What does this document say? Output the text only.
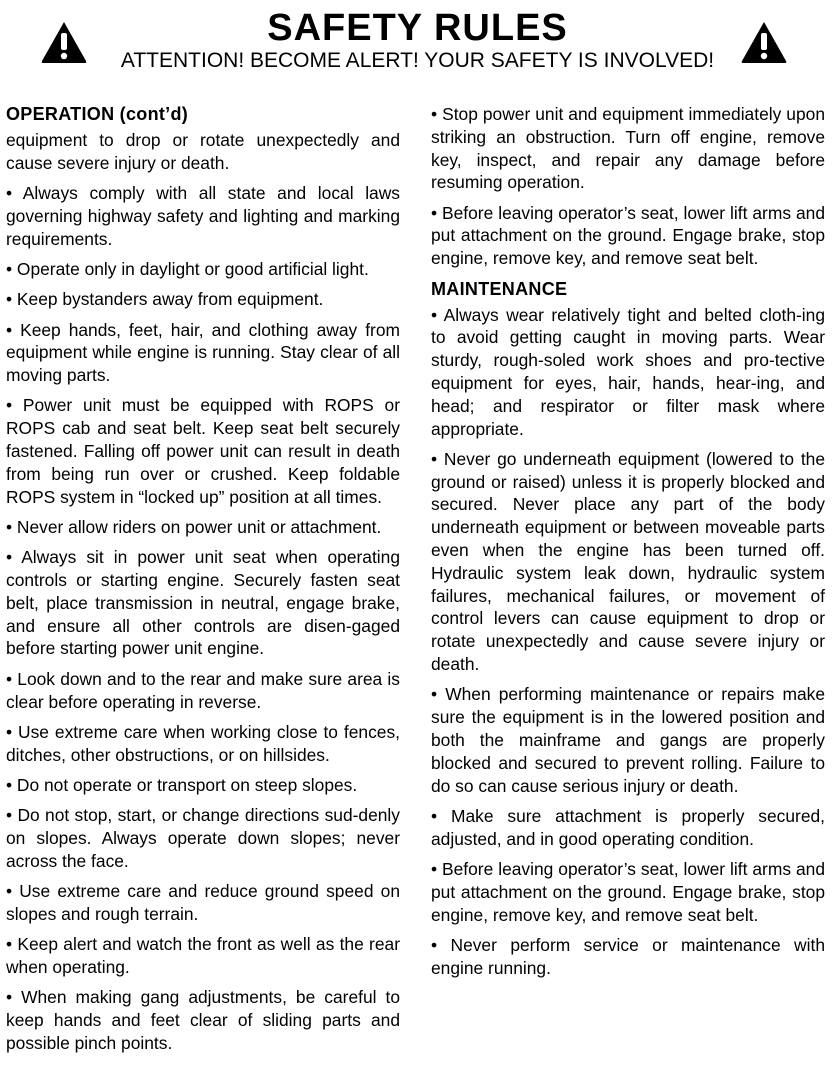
SAFETY RULES
ATTENTION! BECOME ALERT! YOUR SAFETY IS INVOLVED!
OPERATION (cont’d)

equipment to drop or rotate unexpectedly and cause severe injury or death.

• Always comply with all state and local laws governing highway safety and lighting and marking requirements.

• Operate only in daylight or good artificial light.

• Keep bystanders away from equipment.

• Keep hands, feet, hair, and clothing away from equipment while engine is running. Stay clear of all moving parts.

• Power unit must be equipped with ROPS or ROPS cab and seat belt. Keep seat belt securely fastened. Falling off power unit can result in death from being run over or crushed. Keep foldable ROPS system in “locked up” position at all times.

• Never allow riders on power unit or attachment.

• Always sit in power unit seat when operating controls or starting engine. Securely fasten seat belt, place transmission in neutral, engage brake, and ensure all other controls are disen-gaged before starting power unit engine.

• Look down and to the rear and make sure area is clear before operating in reverse.

• Use extreme care when working close to fences, ditches, other obstructions, or on hillsides.

• Do not operate or transport on steep slopes.

• Do not stop, start, or change directions sud-denly on slopes. Always operate down slopes; never across the face.

• Use extreme care and reduce ground speed on slopes and rough terrain.

• Keep alert and watch the front as well as the rear when operating.

• When making gang adjustments, be careful to keep hands and feet clear of sliding parts and possible pinch points.

• Stop power unit and equipment immediately upon striking an obstruction. Turn off engine, remove key, inspect, and repair any damage before resuming operation.

• Before leaving operator’s seat, lower lift arms and put attachment on the ground. Engage brake, stop engine, remove key, and remove seat belt.

MAINTENANCE

• Always wear relatively tight and belted cloth-ing to avoid getting caught in moving parts. Wear sturdy, rough-soled work shoes and pro-tective equipment for eyes, hair, hands, hear-ing, and head; and respirator or filter mask where appropriate.

• Never go underneath equipment (lowered to the ground or raised) unless it is properly blocked and secured. Never place any part of the body underneath equipment or between moveable parts even when the engine has been turned off. Hydraulic system leak down, hydraulic system failures, mechanical failures, or movement of control levers can cause equipment to drop or rotate unexpectedly and cause severe injury or death.

• When performing maintenance or repairs make sure the equipment is in the lowered position and both the mainframe and gangs are properly blocked and secured to prevent rolling. Failure to do so can cause serious injury or death.

• Make sure attachment is properly secured, adjusted, and in good operating condition.

• Before leaving operator’s seat, lower lift arms and put attachment on the ground. Engage brake, stop engine, remove key, and remove seat belt.

• Never perform service or maintenance with engine running.
